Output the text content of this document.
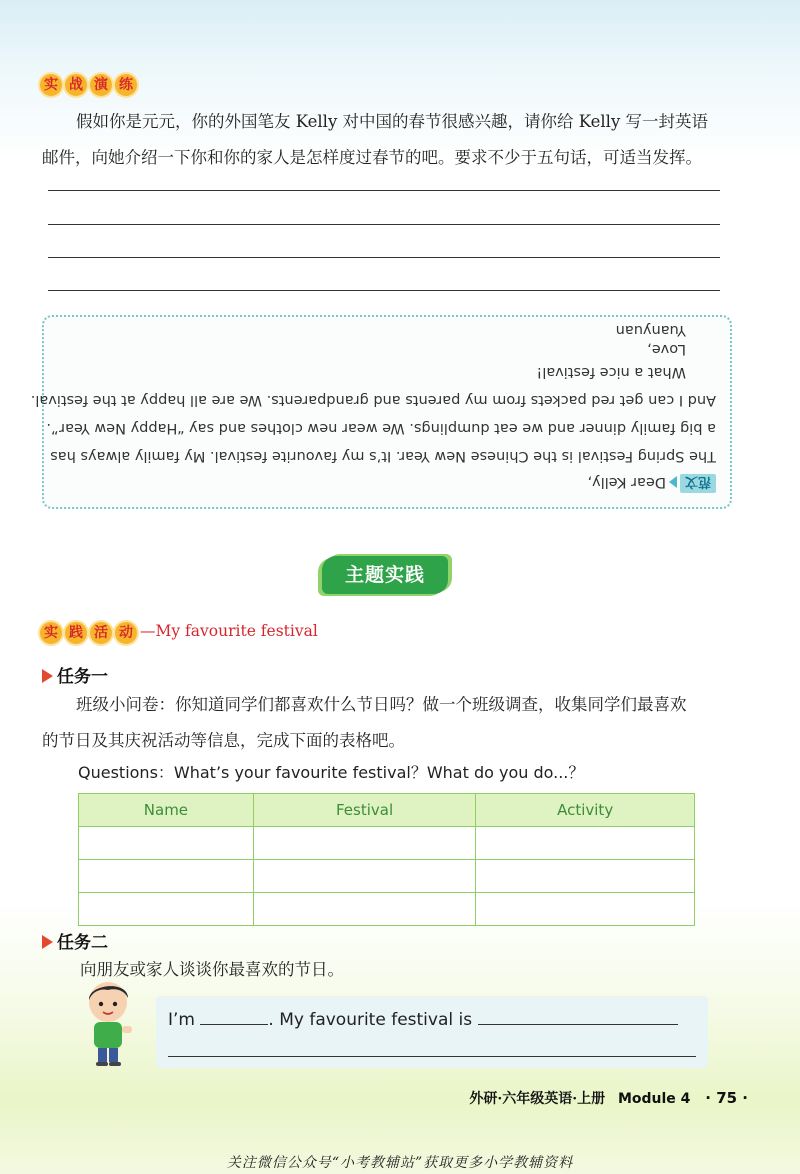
实 战 演 练
假如你是元元，你的外国笔友 Kelly 对中国的春节很感兴趣，请你给 Kelly 写一封英语
邮件，向她介绍一下你和你的家人是怎样度过春节的吧。要求不少于五句话，可适当发挥。
范文Dear Kelly,
The Spring Festival is the Chinese New Year. It’s my favourite festival. My family always has
a big family dinner and we eat dumplings. We wear new clothes and say “Happy New Year”.
And I can get red packets from my parents and grandparents. We are all happy at the festival.
What a nice festival!
Love,
Yuanyuan
主题实践
实 践 活 动 —My favourite festival
任务一
班级小问卷：你知道同学们都喜欢什么节日吗？做一个班级调查，收集同学们最喜欢
的节日及其庆祝活动等信息，完成下面的表格吧。
Questions：What’s your favourite festival？What do you do...？
Name	Festival	Activity

任务二
向朋友或家人谈谈你最喜欢的节日。
I’m	. My favourite festival is
外研·六年级英语·上册 Module 4 · 75 ·
关注微信公众号“小考教辅站”获取更多小学教辅资料
